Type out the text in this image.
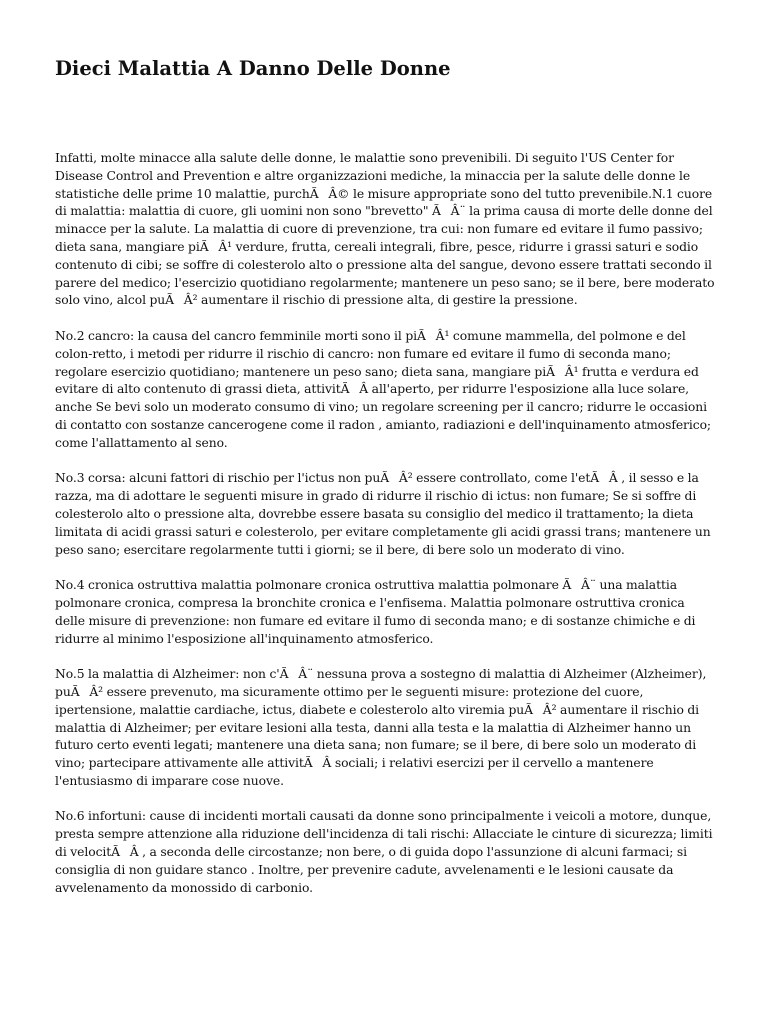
Dieci Malattia A Danno Delle Donne

Infatti, molte minacce alla salute delle donne, le malattie sono prevenibili. Di seguito l'US Center for Disease Control and Prevention e altre organizzazioni mediche, la minaccia per la salute delle donne le statistiche delle prime 10 malattie, purchÃÂ© le misure appropriate sono del tutto prevenibile.N.1 cuore di malattia: malattia di cuore, gli uomini non sono "brevetto" ÃÂ¨ la prima causa di morte delle donne del minacce per la salute. La malattia di cuore di prevenzione, tra cui: non fumare ed evitare il fumo passivo; dieta sana, mangiare piÃÂ¹ verdure, frutta, cereali integrali, fibre, pesce, ridurre i grassi saturi e sodio contenuto di cibi; se soffre di colesterolo alto o pressione alta del sangue, devono essere trattati secondo il parere del medico; l'esercizio quotidiano regolarmente; mantenere un peso sano; se il bere, bere moderato solo vino, alcol puÃÂ² aumentare il rischio di pressione alta, di gestire la pressione.

No.2 cancro: la causa del cancro femminile morti sono il piÃÂ¹ comune mammella, del polmone e del colon-retto, i metodi per ridurre il rischio di cancro: non fumare ed evitare il fumo di seconda mano; regolare esercizio quotidiano; mantenere un peso sano; dieta sana, mangiare piÃÂ¹ frutta e verdura ed evitare di alto contenuto di grassi dieta, attivitÃÂ all'aperto, per ridurre l'esposizione alla luce solare, anche Se bevi solo un moderato consumo di vino; un regolare screening per il cancro; ridurre le occasioni di contatto con sostanze cancerogene come il radon , amianto, radiazioni e dell'inquinamento atmosferico; come l'allattamento al seno.

No.3 corsa: alcuni fattori di rischio per l'ictus non puÃÂ² essere controllato, come l'etÃÂ , il sesso e la razza, ma di adottare le seguenti misure in grado di ridurre il rischio di ictus: non fumare; Se si soffre di colesterolo alto o pressione alta, dovrebbe essere basata su consiglio del medico il trattamento; la dieta limitata di acidi grassi saturi e colesterolo, per evitare completamente gli acidi grassi trans; mantenere un peso sano; esercitare regolarmente tutti i giorni; se il bere, di bere solo un moderato di vino.

No.4 cronica ostruttiva malattia polmonare cronica ostruttiva malattia polmonare ÃÂ¨ una malattia polmonare cronica, compresa la bronchite cronica e l'enfisema. Malattia polmonare ostruttiva cronica delle misure di prevenzione: non fumare ed evitare il fumo di seconda mano; e di sostanze chimiche e di ridurre al minimo l'esposizione all'inquinamento atmosferico.

No.5 la malattia di Alzheimer: non c'ÃÂ¨ nessuna prova a sostegno di malattia di Alzheimer (Alzheimer), puÃÂ² essere prevenuto, ma sicuramente ottimo per le seguenti misure: protezione del cuore, ipertensione, malattie cardiache, ictus, diabete e colesterolo alto viremia puÃÂ² aumentare il rischio di malattia di Alzheimer; per evitare lesioni alla testa, danni alla testa e la malattia di Alzheimer hanno un futuro certo eventi legati; mantenere una dieta sana; non fumare; se il bere, di bere solo un moderato di vino; partecipare attivamente alle attivitÃÂ sociali; i relativi esercizi per il cervello a mantenere l'entusiasmo di imparare cose nuove.

No.6 infortuni: cause di incidenti mortali causati da donne sono principalmente i veicoli a motore, dunque, presta sempre attenzione alla riduzione dell'incidenza di tali rischi: Allacciate le cinture di sicurezza; limiti di velocitÃÂ , a seconda delle circostanze; non bere, o di guida dopo l'assunzione di alcuni farmaci; si consiglia di non guidare stanco . Inoltre, per prevenire cadute, avvelenamenti e le lesioni causate da avvelenamento da monossido di carbonio.
